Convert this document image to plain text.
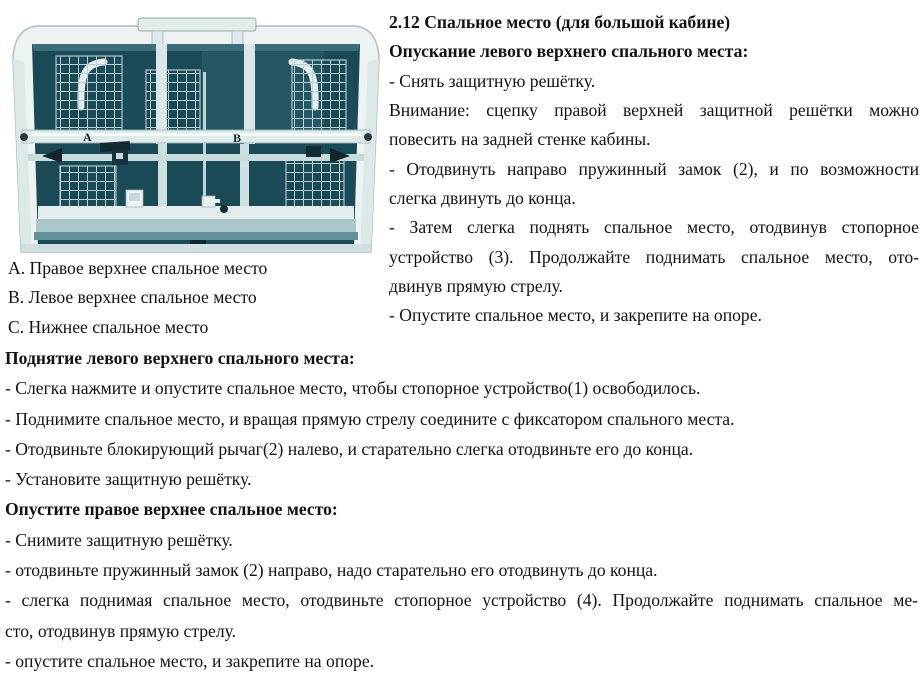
A	B
A. Правое верхнее спальное место
B. Левое верхнее спальное место
C. Нижнее спальное место
2.12 Спальное место (для большой кабине)
Опускание левого верхнего спального места:
- Снять защитную решётку.
Внимание: сцепку правой верхней защитной решётки можно
повесить на задней стенке кабины.
- Отодвинуть направо пружинный замок (2), и по возможности
слегка двинуть до конца.
- Затем слегка поднять спальное место, отодвинув стопорное
устройство (3). Продолжайте поднимать спальное место, ото-
двинув прямую стрелу.
- Опустите спальное место, и закрепите на опоре.
Поднятие левого верхнего спального места:
- Слегка нажмите и опустите спальное место, чтобы стопорное устройство(1) освободилось.
- Поднимите спальное место, и вращая прямую стрелу соедините с фиксатором спального места.
- Отодвиньте блокирующий рычаг(2) налево, и старательно слегка отодвиньте его до конца.
- Установите защитную решётку.
Опустите правое верхнее спальное место:
- Снимите защитную решётку.
- отодвиньте пружинный замок (2) направо, надо старательно его отодвинуть до конца.
- слегка поднимая спальное место, отодвиньте стопорное устройство (4). Продолжайте поднимать спальное ме-
сто, отодвинув прямую стрелу.
- опустите спальное место, и закрепите на опоре.
